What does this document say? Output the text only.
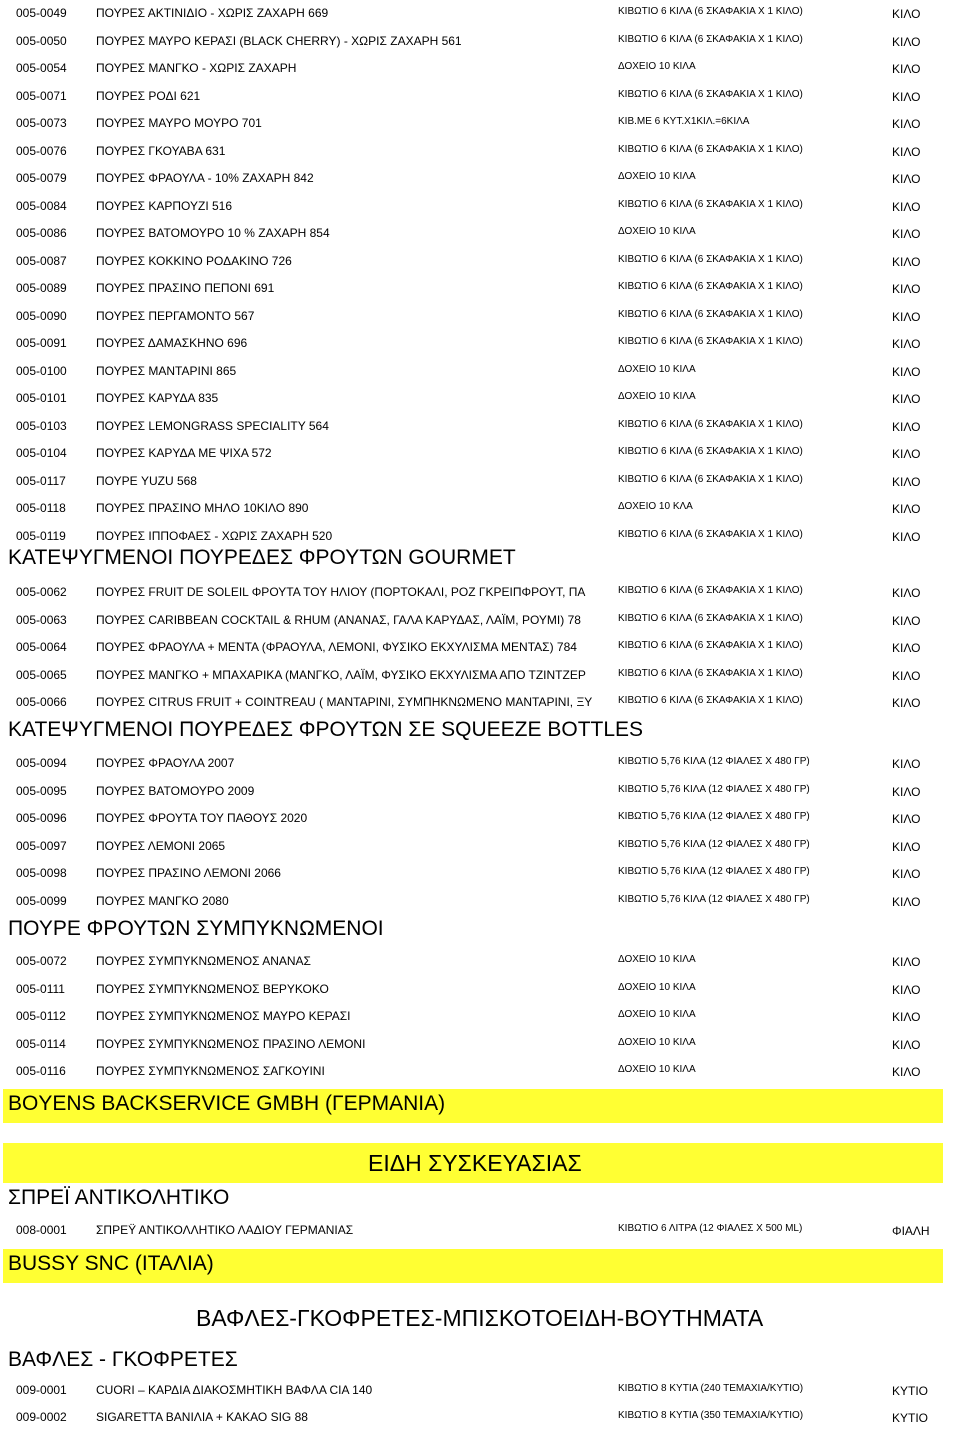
005-0049 ΠΟΥΡΕΣ ΑΚΤΙΝΙΔΙΟ - ΧΩΡΙΣ ΖΑΧΑΡΗ 669	ΚΙΒΩΤΙΟ 6 ΚΙΛΑ (6 ΣΚΑΦΑΚΙΑ Χ 1 ΚΙΛΟ)	ΚΙΛΟ
005-0050 ΠΟΥΡΕΣ ΜΑΥΡΟ ΚΕΡΑΣΙ (BLACK CHERRY) - ΧΩΡΙΣ ΖΑΧΑΡΗ 561	ΚΙΒΩΤΙΟ 6 ΚΙΛΑ (6 ΣΚΑΦΑΚΙΑ Χ 1 ΚΙΛΟ)	ΚΙΛΟ
005-0054 ΠΟΥΡΕΣ ΜΑΝΓΚΟ - ΧΩΡΙΣ ΖΑΧΑΡΗ	ΔΟΧΕΙΟ 10 ΚΙΛΑ	ΚΙΛΟ
005-0071 ΠΟΥΡΕΣ ΡΟΔΙ 621	ΚΙΒΩΤΙΟ 6 ΚΙΛΑ (6 ΣΚΑΦΑΚΙΑ Χ 1 ΚΙΛΟ)	ΚΙΛΟ
005-0073 ΠΟΥΡΕΣ ΜΑΥΡΟ ΜΟΥΡΟ 701	ΚΙΒ.ΜΕ 6 ΚΥΤ.Χ1ΚΙΛ.=6ΚΙΛΑ	ΚΙΛΟ
005-0076 ΠΟΥΡΕΣ ΓΚΟΥΑΒΑ 631	ΚΙΒΩΤΙΟ 6 ΚΙΛΑ (6 ΣΚΑΦΑΚΙΑ Χ 1 ΚΙΛΟ)	ΚΙΛΟ
005-0079 ΠΟΥΡΕΣ ΦΡΑΟΥΛΑ - 10% ΖΑΧΑΡΗ 842	ΔΟΧΕΙΟ 10 ΚΙΛΑ	ΚΙΛΟ
005-0084 ΠΟΥΡΕΣ ΚΑΡΠΟΥΖΙ 516	ΚΙΒΩΤΙΟ 6 ΚΙΛΑ (6 ΣΚΑΦΑΚΙΑ Χ 1 ΚΙΛΟ)	ΚΙΛΟ
005-0086 ΠΟΥΡΕΣ ΒΑΤΟΜΟΥΡΟ 10 % ΖΑΧΑΡΗ 854	ΔΟΧΕΙΟ 10 ΚΙΛΑ	ΚΙΛΟ
005-0087 ΠΟΥΡΕΣ ΚΟΚΚΙΝΟ ΡΟΔΑΚΙΝΟ 726	ΚΙΒΩΤΙΟ 6 ΚΙΛΑ (6 ΣΚΑΦΑΚΙΑ Χ 1 ΚΙΛΟ)	ΚΙΛΟ
005-0089 ΠΟΥΡΕΣ ΠΡΑΣΙΝΟ ΠΕΠΟΝΙ 691	ΚΙΒΩΤΙΟ 6 ΚΙΛΑ (6 ΣΚΑΦΑΚΙΑ Χ 1 ΚΙΛΟ)	ΚΙΛΟ
005-0090 ΠΟΥΡΕΣ ΠΕΡΓΑΜΟΝΤΟ 567	ΚΙΒΩΤΙΟ 6 ΚΙΛΑ (6 ΣΚΑΦΑΚΙΑ Χ 1 ΚΙΛΟ)	ΚΙΛΟ
005-0091 ΠΟΥΡΕΣ ΔΑΜΑΣΚΗΝΟ 696	ΚΙΒΩΤΙΟ 6 ΚΙΛΑ (6 ΣΚΑΦΑΚΙΑ Χ 1 ΚΙΛΟ)	ΚΙΛΟ
005-0100 ΠΟΥΡΕΣ ΜΑΝΤΑΡΙΝΙ 865	ΔΟΧΕΙΟ 10 ΚΙΛΑ	ΚΙΛΟ
005-0101 ΠΟΥΡΕΣ ΚΑΡΥΔΑ 835	ΔΟΧΕΙΟ 10 ΚΙΛΑ	ΚΙΛΟ
005-0103 ΠΟΥΡΕΣ LEMONGRASS SPECIALITY 564	ΚΙΒΩΤΙΟ 6 ΚΙΛΑ (6 ΣΚΑΦΑΚΙΑ Χ 1 ΚΙΛΟ)	ΚΙΛΟ
005-0104 ΠΟΥΡΕΣ ΚΑΡΥΔΑ ΜΕ ΨΙΧΑ 572	ΚΙΒΩΤΙΟ 6 ΚΙΛΑ (6 ΣΚΑΦΑΚΙΑ Χ 1 ΚΙΛΟ)	ΚΙΛΟ
005-0117	ΠΟΥΡΕ YUZU 568	ΚΙΒΩΤΙΟ 6 ΚΙΛΑ (6 ΣΚΑΦΑΚΙΑ Χ 1 ΚΙΛΟ)	ΚΙΛΟ
005-0118	ΠΟΥΡΕΣ ΠΡΑΣΙΝΟ ΜΗΛΟ 10ΚΙΛΟ 890	ΔΟΧΕΙΟ 10 ΚΛΑ	ΚΙΛΟ
005-0119	ΠΟΥΡΕΣ ΙΠΠΟΦΑΕΣ - ΧΩΡΙΣ ΖΑΧΑΡΗ 520	ΚΙΒΩΤΙΟ 6 ΚΙΛΑ (6 ΣΚΑΦΑΚΙΑ Χ 1 ΚΙΛΟ)	ΚΙΛΟ
ΚΑΤΕΨΥΓΜΕΝΟΙ ΠΟΥΡΕΔΕΣ ΦΡΟΥΤΩΝ GOURMET
005-0062 ΠΟΥΡΕΣ FRUIT DE SOLEIL ΦΡΟΥΤΑ ΤΟΥ ΗΛΙΟΥ (ΠΟΡΤΟΚΑΛΙ, ΡΟΖ ΓΚΡΕΙΠΦΡΟΥΤ, ΠΑ	ΚΙΒΩΤΙΟ 6 ΚΙΛΑ (6 ΣΚΑΦΑΚΙΑ Χ 1 ΚΙΛΟ)	ΚΙΛΟ
005-0063 ΠΟΥΡΕΣ CARIBBEAN COCKTAIL & RHUM (ΑΝΑΝΑΣ, ΓΑΛΑ ΚΑΡΥΔΑΣ, ΛΑΪΜ, ΡΟΥΜΙ) 78	ΚΙΒΩΤΙΟ 6 ΚΙΛΑ (6 ΣΚΑΦΑΚΙΑ Χ 1 ΚΙΛΟ)	ΚΙΛΟ
005-0064 ΠΟΥΡΕΣ ΦΡΑΟΥΛΑ + ΜΕΝΤΑ (ΦΡΑΟΥΛΑ, ΛΕΜΟΝΙ, ΦΥΣΙΚΟ ΕΚΧΥΛΙΣΜΑ ΜΕΝΤΑΣ) 784	ΚΙΒΩΤΙΟ 6 ΚΙΛΑ (6 ΣΚΑΦΑΚΙΑ Χ 1 ΚΙΛΟ)	ΚΙΛΟ
005-0065 ΠΟΥΡΕΣ ΜΑΝΓΚΟ + ΜΠΑΧΑΡΙΚΑ (ΜΑΝΓΚΟ, ΛΑΪΜ, ΦΥΣΙΚΟ ΕΚΧΥΛΙΣΜΑ ΑΠΟ ΤΖΙΝΤΖΕΡ	ΚΙΒΩΤΙΟ 6 ΚΙΛΑ (6 ΣΚΑΦΑΚΙΑ Χ 1 ΚΙΛΟ)	ΚΙΛΟ
005-0066 ΠΟΥΡΕΣ CITRUS FRUIT + COINTREAU ( ΜΑΝΤΑΡΙΝΙ, ΣΥΜΠΗΚΝΩΜΕΝΟ ΜΑΝΤΑΡΙΝΙ, ΞΥ	ΚΙΒΩΤΙΟ 6 ΚΙΛΑ (6 ΣΚΑΦΑΚΙΑ Χ 1 ΚΙΛΟ)	ΚΙΛΟ
ΚΑΤΕΨΥΓΜΕΝΟΙ ΠΟΥΡΕΔΕΣ ΦΡΟΥΤΩΝ ΣΕ SQUEEZE BOTTLES
005-0094 ΠΟΥΡΕΣ ΦΡΑΟΥΛΑ 2007	ΚΙΒΩΤΙΟ 5,76 ΚΙΛΑ (12 ΦΙΑΛΕΣ Χ 480 ΓΡ)	ΚΙΛΟ
005-0095 ΠΟΥΡΕΣ ΒΑΤΟΜΟΥΡΟ 2009	ΚΙΒΩΤΙΟ 5,76 ΚΙΛΑ (12 ΦΙΑΛΕΣ Χ 480 ΓΡ)	ΚΙΛΟ
005-0096 ΠΟΥΡΕΣ ΦΡΟΥΤΑ ΤΟΥ ΠΑΘΟΥΣ 2020	ΚΙΒΩΤΙΟ 5,76 ΚΙΛΑ (12 ΦΙΑΛΕΣ Χ 480 ΓΡ)	ΚΙΛΟ
005-0097 ΠΟΥΡΕΣ ΛΕΜΟΝΙ 2065	ΚΙΒΩΤΙΟ 5,76 ΚΙΛΑ (12 ΦΙΑΛΕΣ Χ 480 ΓΡ)	ΚΙΛΟ
005-0098 ΠΟΥΡΕΣ ΠΡΑΣΙΝΟ ΛΕΜΟΝΙ 2066	ΚΙΒΩΤΙΟ 5,76 ΚΙΛΑ (12 ΦΙΑΛΕΣ Χ 480 ΓΡ)	ΚΙΛΟ
005-0099 ΠΟΥΡΕΣ ΜΑΝΓΚΟ 2080	ΚΙΒΩΤΙΟ 5,76 ΚΙΛΑ (12 ΦΙΑΛΕΣ Χ 480 ΓΡ)	ΚΙΛΟ
ΠΟΥΡΕ ΦΡΟΥΤΩΝ ΣΥΜΠΥΚΝΩΜΕΝΟΙ
005-0072 ΠΟΥΡΕΣ ΣΥΜΠΥΚΝΩΜΕΝΟΣ ΑΝΑΝΑΣ	ΔΟΧΕΙΟ 10 ΚΙΛΑ	ΚΙΛΟ
005-0111	ΠΟΥΡΕΣ ΣΥΜΠΥΚΝΩΜΕΝΟΣ ΒΕΡΥΚΟΚΟ	ΔΟΧΕΙΟ 10 ΚΙΛΑ	ΚΙΛΟ
005-0112	ΠΟΥΡΕΣ ΣΥΜΠΥΚΝΩΜΕΝΟΣ ΜΑΥΡΟ ΚΕΡΑΣΙ	ΔΟΧΕΙΟ 10 ΚΙΛΑ	ΚΙΛΟ
005-0114	ΠΟΥΡΕΣ ΣΥΜΠΥΚΝΩΜΕΝΟΣ ΠΡΑΣΙΝΟ ΛΕΜΟΝΙ	ΔΟΧΕΙΟ 10 ΚΙΛΑ	ΚΙΛΟ
005-0116	ΠΟΥΡΕΣ ΣΥΜΠΥΚΝΩΜΕΝΟΣ ΣΑΓΚΟΥΙΝΙ	ΔΟΧΕΙΟ 10 ΚΙΛΑ	ΚΙΛΟ
BOYENS BACKSERVICE GMBH (ΓΕΡΜΑΝΙΑ)
ΕΙΔΗ ΣΥΣΚΕΥΑΣΙΑΣ
ΣΠΡΕΪ ΑΝΤΙΚΟΛΗΤΙΚΟ
008-0001 ΣΠΡΕΫ ΑΝΤΙΚΟΛΛΗΤΙΚΟ ΛΑΔΙΟΥ ΓΕΡΜΑΝΙΑΣ	ΚΙΒΩΤΙΟ 6 ΛΙΤΡΑ (12 ΦΙΑΛΕΣ Χ 500 ML)	ΦΙΑΛΗ
BUSSY SNC (ΙΤΑΛΙΑ)
ΒΑΦΛΕΣ-ΓΚΟΦΡΕΤΕΣ-ΜΠΙΣΚΟΤΟΕΙΔΗ-ΒΟΥΤΗΜΑΤΑ
ΒΑΦΛΕΣ - ΓΚΟΦΡΕΤΕΣ
009-0001 CUORI – ΚΑΡΔΙΑ ΔΙΑΚΟΣΜΗΤΙΚΗ ΒΑΦΛΑ CIA 140	ΚΙΒΩΤΙΟ 8 ΚΥΤΙΑ (240 ΤΕΜΑΧΙΑ/ΚΥΤΙΟ)	ΚΥΤΙΟ
009-0002 SIGARETTA ΒΑΝΙΛΙΑ + ΚΑΚΑΟ SIG 88	ΚΙΒΩΤΙΟ 8 ΚΥΤΙΑ (350 ΤΕΜΑΧΙΑ/ΚΥΤΙΟ)	ΚΥΤΙΟ
